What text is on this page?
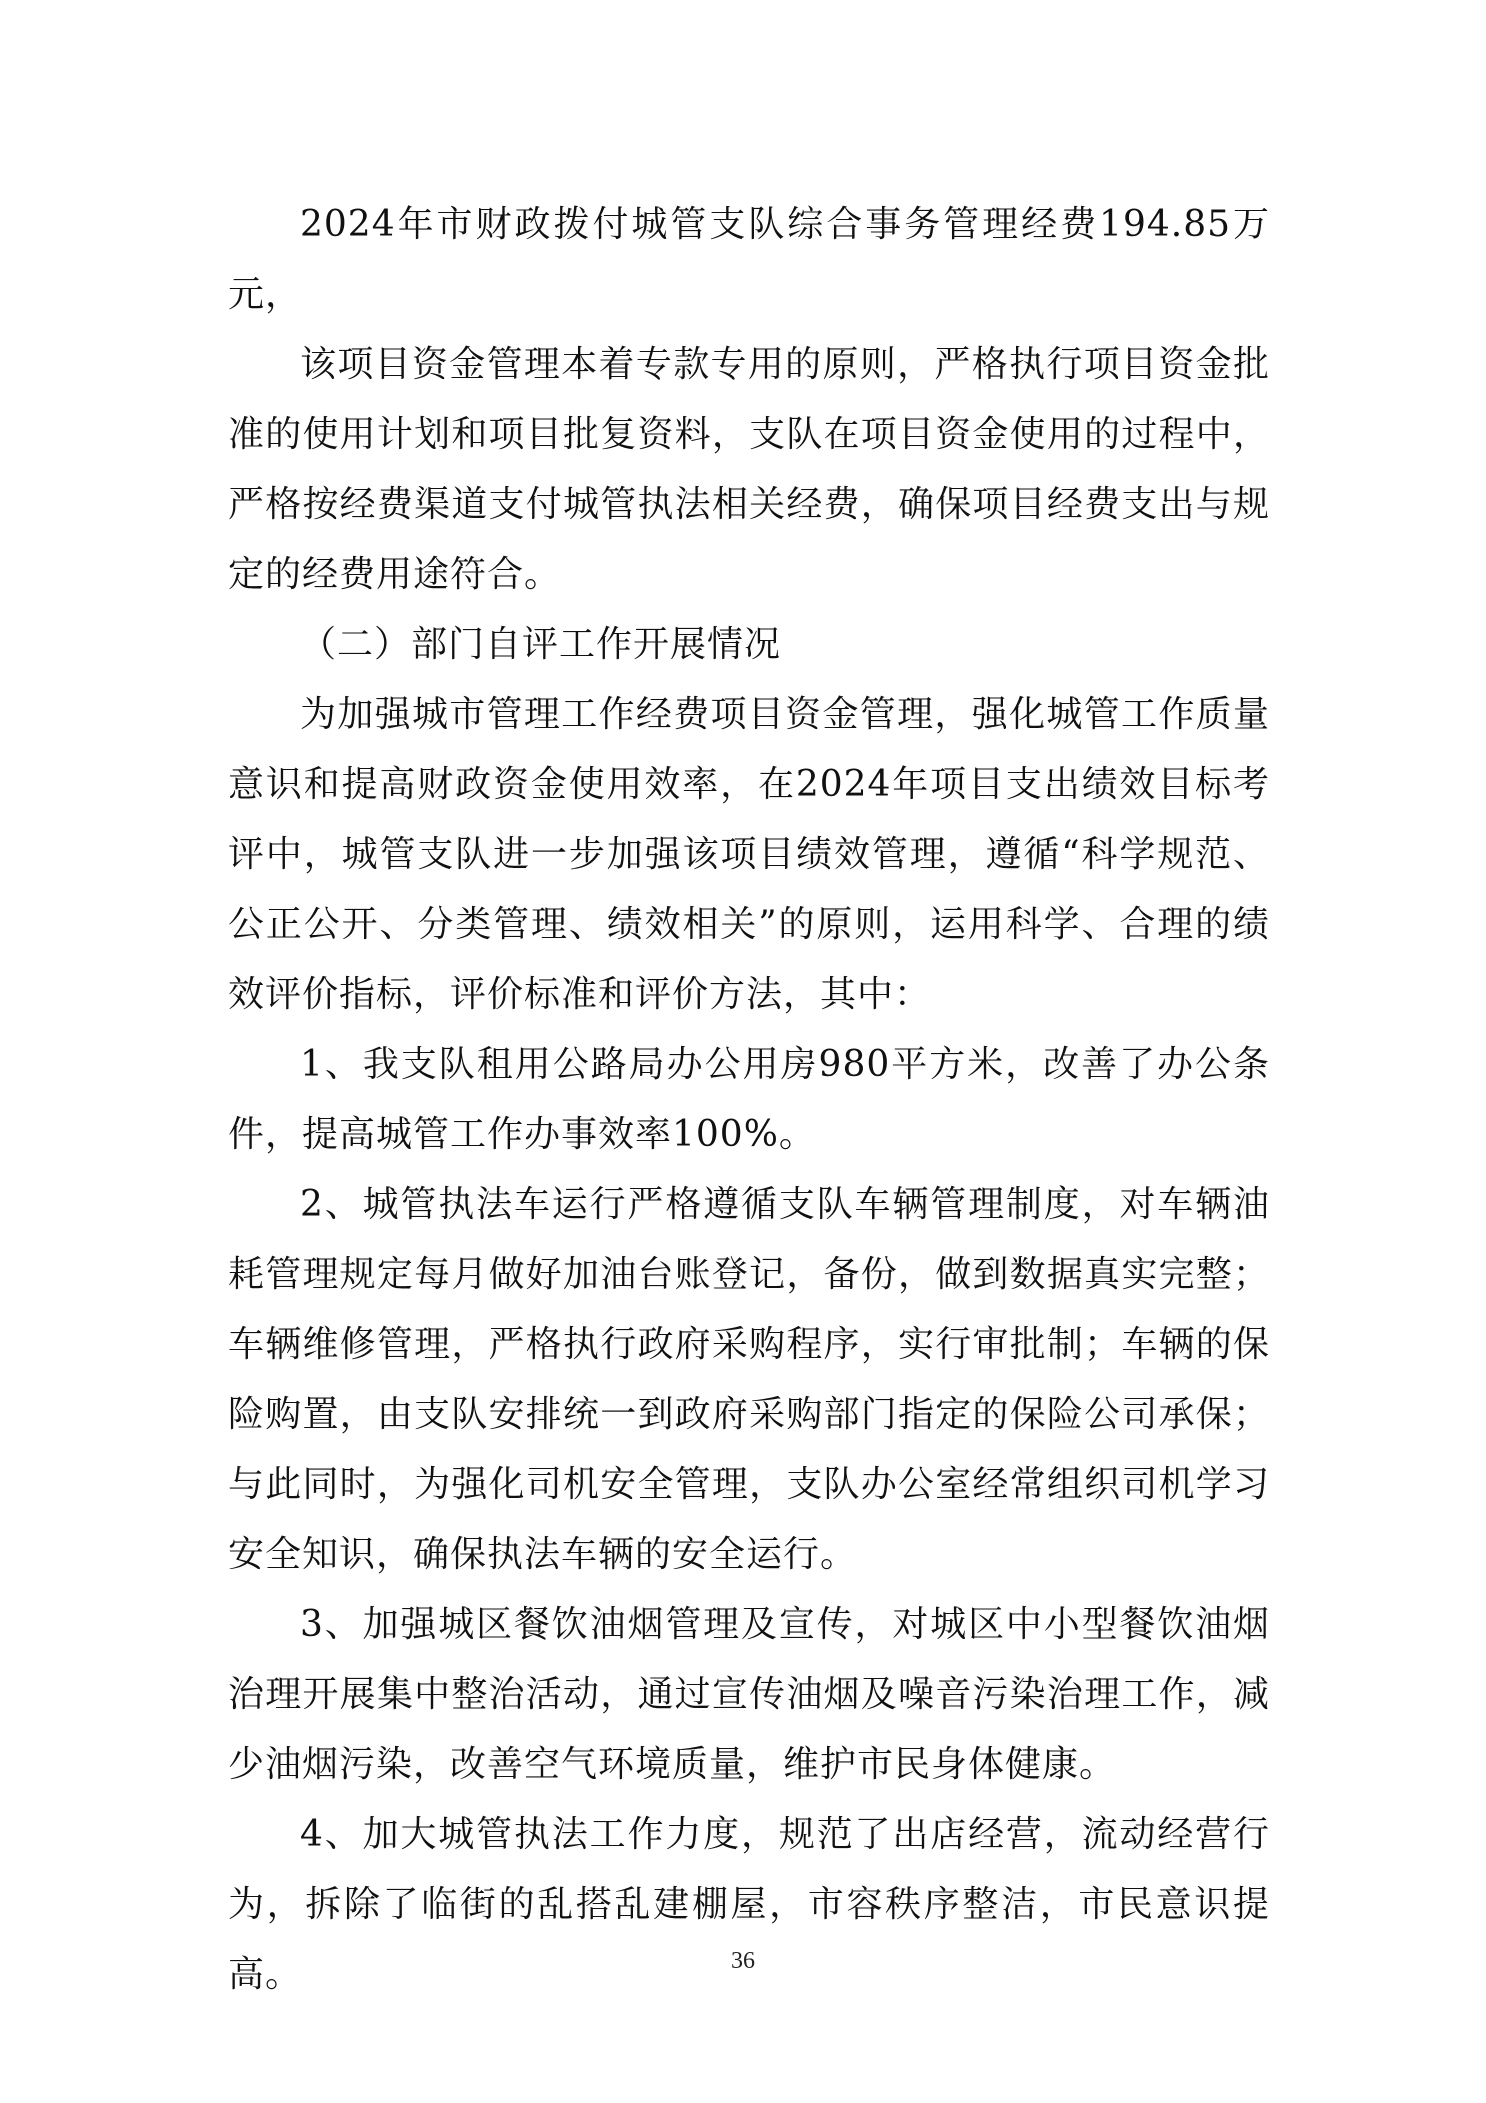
2024年市财政拨付城管支队综合事务管理经费194.85万元，

该项目资金管理本着专款专用的原则，严格执行项目资金批准的使用计划和项目批复资料，支队在项目资金使用的过程中，严格按经费渠道支付城管执法相关经费，确保项目经费支出与规定的经费用途符合。

（二）部门自评工作开展情况

为加强城市管理工作经费项目资金管理，强化城管工作质量意识和提高财政资金使用效率，在2024年项目支出绩效目标考评中，城管支队进一步加强该项目绩效管理，遵循“科学规范、公正公开、分类管理、绩效相关”的原则，运用科学、合理的绩效评价指标，评价标准和评价方法，其中：

1、我支队租用公路局办公用房980平方米，改善了办公条件，提高城管工作办事效率100%。

2、城管执法车运行严格遵循支队车辆管理制度，对车辆油耗管理规定每月做好加油台账登记，备份，做到数据真实完整；车辆维修管理，严格执行政府采购程序，实行审批制；车辆的保险购置，由支队安排统一到政府采购部门指定的保险公司承保；与此同时，为强化司机安全管理，支队办公室经常组织司机学习安全知识，确保执法车辆的安全运行。

3、加强城区餐饮油烟管理及宣传，对城区中小型餐饮油烟治理开展集中整治活动，通过宣传油烟及噪音污染治理工作，减少油烟污染，改善空气环境质量，维护市民身体健康。

4、加大城管执法工作力度，规范了出店经营，流动经营行为，拆除了临街的乱搭乱建棚屋，市容秩序整洁，市民意识提高。	36
